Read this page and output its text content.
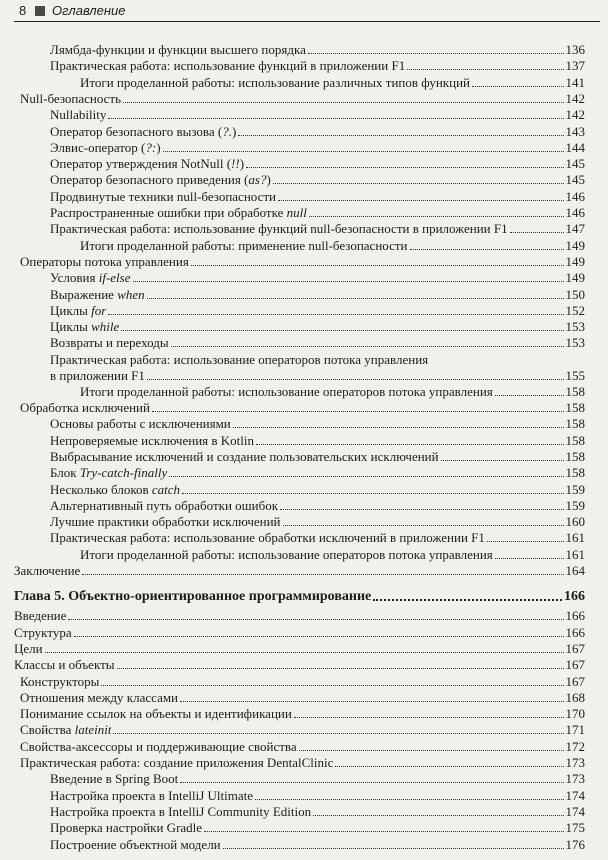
8 Оглавление
Лямбда-функции и функции высшего порядка	136
Практическая работа: использование функций в приложении F1	137
Итоги проделанной работы: использование различных типов функций	141
Null-безопасность	142
Nullability	142
Оператор безопасного вызова (?.)	143
Элвис-оператор (?:)	144
Оператор утверждения NotNull (!!)	145
Оператор безопасного приведения (as?)	145
Продвинутые техники null-безопасности	146
Распространенные ошибки при обработке null	146
Практическая работа: использование функций null-безопасности в приложении F1	147
Итоги проделанной работы: применение null-безопасности	149
Операторы потока управления	149
Условия if-else	149
Выражение when	150
Циклы for	152
Циклы while	153
Возвраты и переходы	153
Практическая работа: использование операторов потока управления
в приложении F1	155
Итоги проделанной работы: использование операторов потока управления	158
Обработка исключений	158
Основы работы с исключениями	158
Непроверяемые исключения в Kotlin	158
Выбрасывание исключений и создание пользовательских исключений	158
Блок Try-catch-finally	158
Несколько блоков catch	159
Альтернативный путь обработки ошибок	159
Лучшие практики обработки исключений	160
Практическая работа: использование обработки исключений в приложении F1	161
Итоги проделанной работы: использование операторов потока управления	161
Заключение	164
Глава 5. Объектно-ориентированное программирование	166
Введение	166
Структура	166
Цели	167
Классы и объекты	167
Конструкторы	167
Отношения между классами	168
Понимание ссылок на объекты и идентификации	170
Свойства lateinit	171
Свойства-аксессоры и поддерживающие свойства	172
Практическая работа: создание приложения DentalClinic	173
Введение в Spring Boot	173
Настройка проекта в IntelliJ Ultimate	174
Настройка проекта в IntelliJ Community Edition	174
Проверка настройки Gradle	175
Построение объектной модели	176
